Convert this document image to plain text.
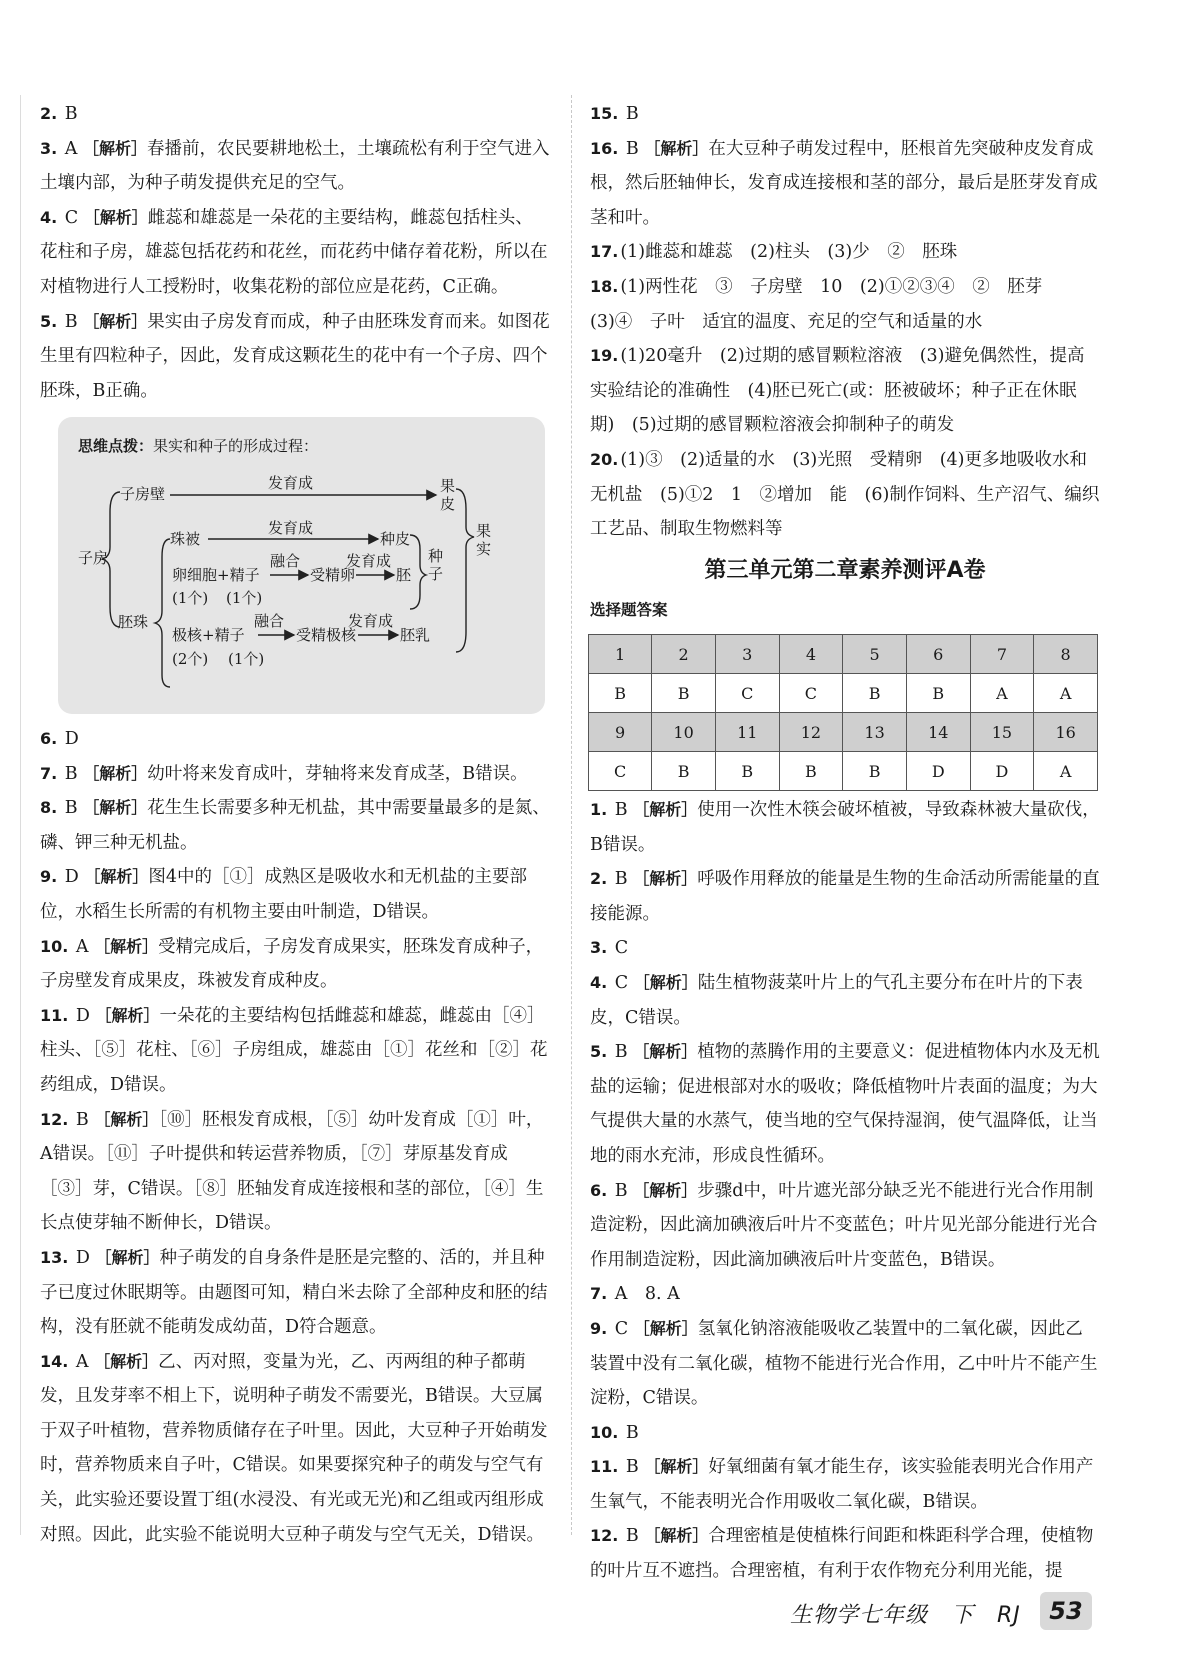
2. B

3. A ［解析］春播前，农民要耕地松土，土壤疏松有利于空气进入土壤内部，为种子萌发提供充足的空气。

4. C ［解析］雌蕊和雄蕊是一朵花的主要结构，雌蕊包括柱头、花柱和子房，雄蕊包括花药和花丝，而花药中储存着花粉，所以在对植物进行人工授粉时，收集花粉的部位应是花药，C正确。

5. B ［解析］果实由子房发育而成，种子由胚珠发育而来。如图花生里有四粒种子，因此，发育成这颗花生的花中有一个子房、四个胚珠，B正确。

思维点拨：果实和种子的形成过程：
子房
子房壁
发育成	果皮
果实
珠被
发育成
种皮
融合	发育成
卵细胞+精子	受精卵	胚
种子
胚珠
(1个) (1个)
融合	发育成
极核+精子	受精极核	胚乳
(2个) (1个)

6. D

7. B ［解析］幼叶将来发育成叶，芽轴将来发育成茎，B错误。

8. B ［解析］花生生长需要多种无机盐，其中需要量最多的是氮、磷、钾三种无机盐。

9. D ［解析］图4中的［①］成熟区是吸收水和无机盐的主要部位，水稻生长所需的有机物主要由叶制造，D错误。

10. A ［解析］受精完成后，子房发育成果实，胚珠发育成种子，子房壁发育成果皮，珠被发育成种皮。

11. D ［解析］一朵花的主要结构包括雌蕊和雄蕊，雌蕊由［④］柱头、［⑤］花柱、［⑥］子房组成，雄蕊由［①］花丝和［②］花药组成，D错误。

12. B ［解析］［⑩］胚根发育成根，［⑤］幼叶发育成［①］叶，A错误。［⑪］子叶提供和转运营养物质，［⑦］芽原基发育成［③］芽，C错误。［⑧］胚轴发育成连接根和茎的部位，［④］生长点使芽轴不断伸长，D错误。

13. D ［解析］种子萌发的自身条件是胚是完整的、活的，并且种子已度过休眠期等。由题图可知，精白米去除了全部种皮和胚的结构，没有胚就不能萌发成幼苗，D符合题意。

14. A ［解析］乙、丙对照，变量为光，乙、丙两组的种子都萌发，且发芽率不相上下，说明种子萌发不需要光，B错误。大豆属于双子叶植物，营养物质储存在子叶里。因此，大豆种子开始萌发时，营养物质来自子叶，C错误。如果要探究种子的萌发与空气有关，此实验还要设置丁组(水浸没、有光或无光)和乙组或丙组形成对照。因此，此实验不能说明大豆种子萌发与空气无关，D错误。

15. B

16. B ［解析］在大豆种子萌发过程中，胚根首先突破种皮发育成根，然后胚轴伸长，发育成连接根和茎的部分，最后是胚芽发育成茎和叶。

17. (1)雌蕊和雄蕊　(2)柱头　(3)少　②　胚珠

18. (1)两性花　③　子房壁　10　(2)①②③④　②　胚芽　(3)④　子叶　适宜的温度、充足的空气和适量的水

19. (1)20毫升　(2)过期的感冒颗粒溶液　(3)避免偶然性，提高实验结论的准确性　(4)胚已死亡(或：胚被破坏；种子正在休眠期)　(5)过期的感冒颗粒溶液会抑制种子的萌发

20. (1)③　(2)适量的水　(3)光照　受精卵　(4)更多地吸收水和无机盐　(5)①2　1　②增加　能　(6)制作饲料、生产沼气、编织工艺品、制取生物燃料等

第三单元第二章素养测评A卷
选择题答案
1	2	3	4	5	6	7	8
B	B	C	C	B	B	A	A
9	10	11	12	13	14	15	16
C	B	B	B	B	D	D	A

1. B ［解析］使用一次性木筷会破坏植被，导致森林被大量砍伐，B错误。

2. B ［解析］呼吸作用释放的能量是生物的生命活动所需能量的直接能源。

3. C

4. C ［解析］陆生植物菠菜叶片上的气孔主要分布在叶片的下表皮，C错误。

5. B ［解析］植物的蒸腾作用的主要意义：促进植物体内水及无机盐的运输；促进根部对水的吸收；降低植物叶片表面的温度；为大气提供大量的水蒸气，使当地的空气保持湿润，使气温降低，让当地的雨水充沛，形成良性循环。

6. B ［解析］步骤d中，叶片遮光部分缺乏光不能进行光合作用制造淀粉，因此滴加碘液后叶片不变蓝色；叶片见光部分能进行光合作用制造淀粉，因此滴加碘液后叶片变蓝色，B错误。

7. A　8. A

9. C ［解析］氢氧化钠溶液能吸收乙装置中的二氧化碳，因此乙装置中没有二氧化碳，植物不能进行光合作用，乙中叶片不能产生淀粉，C错误。

10. B

11. B ［解析］好氧细菌有氧才能生存，该实验能表明光合作用产生氧气，不能表明光合作用吸收二氧化碳，B错误。

12. B ［解析］合理密植是使植株行间距和株距科学合理，使植物的叶片互不遮挡。合理密植，有利于农作物充分利用光能，提

生物学七年级　下　RJ	53
